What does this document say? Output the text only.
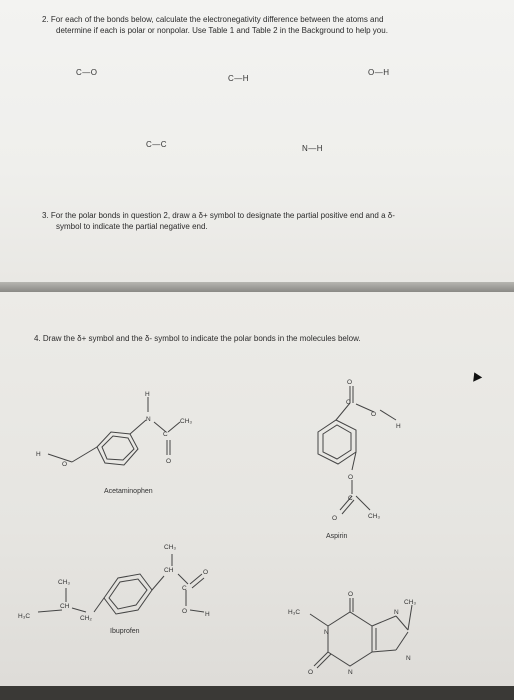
2. For each of the bonds below, calculate the electronegativity difference between the atoms and
determine if each is polar or nonpolar. Use Table 1 and Table 2 in the Background to help you.
C—O
C—H
O—H
C—C	N—H
3. For the polar bonds in question 2, draw a δ+ symbol to designate the partial positive end and a δ-
symbol to indicate the partial negative end.
4. Draw the δ+ symbol and the δ- symbol to indicate the polar bonds in the molecules below.
H
N
C
O
CH₃
O
H
O
C
O
H
O
C
O	CH₃
CH₃
CH
C
O
O	H
CH₃
CH
H₃C	CH₂
O
H₃C
N
O	N
N
N
CH₃
Acetaminophen
Aspirin
Ibuprofen
